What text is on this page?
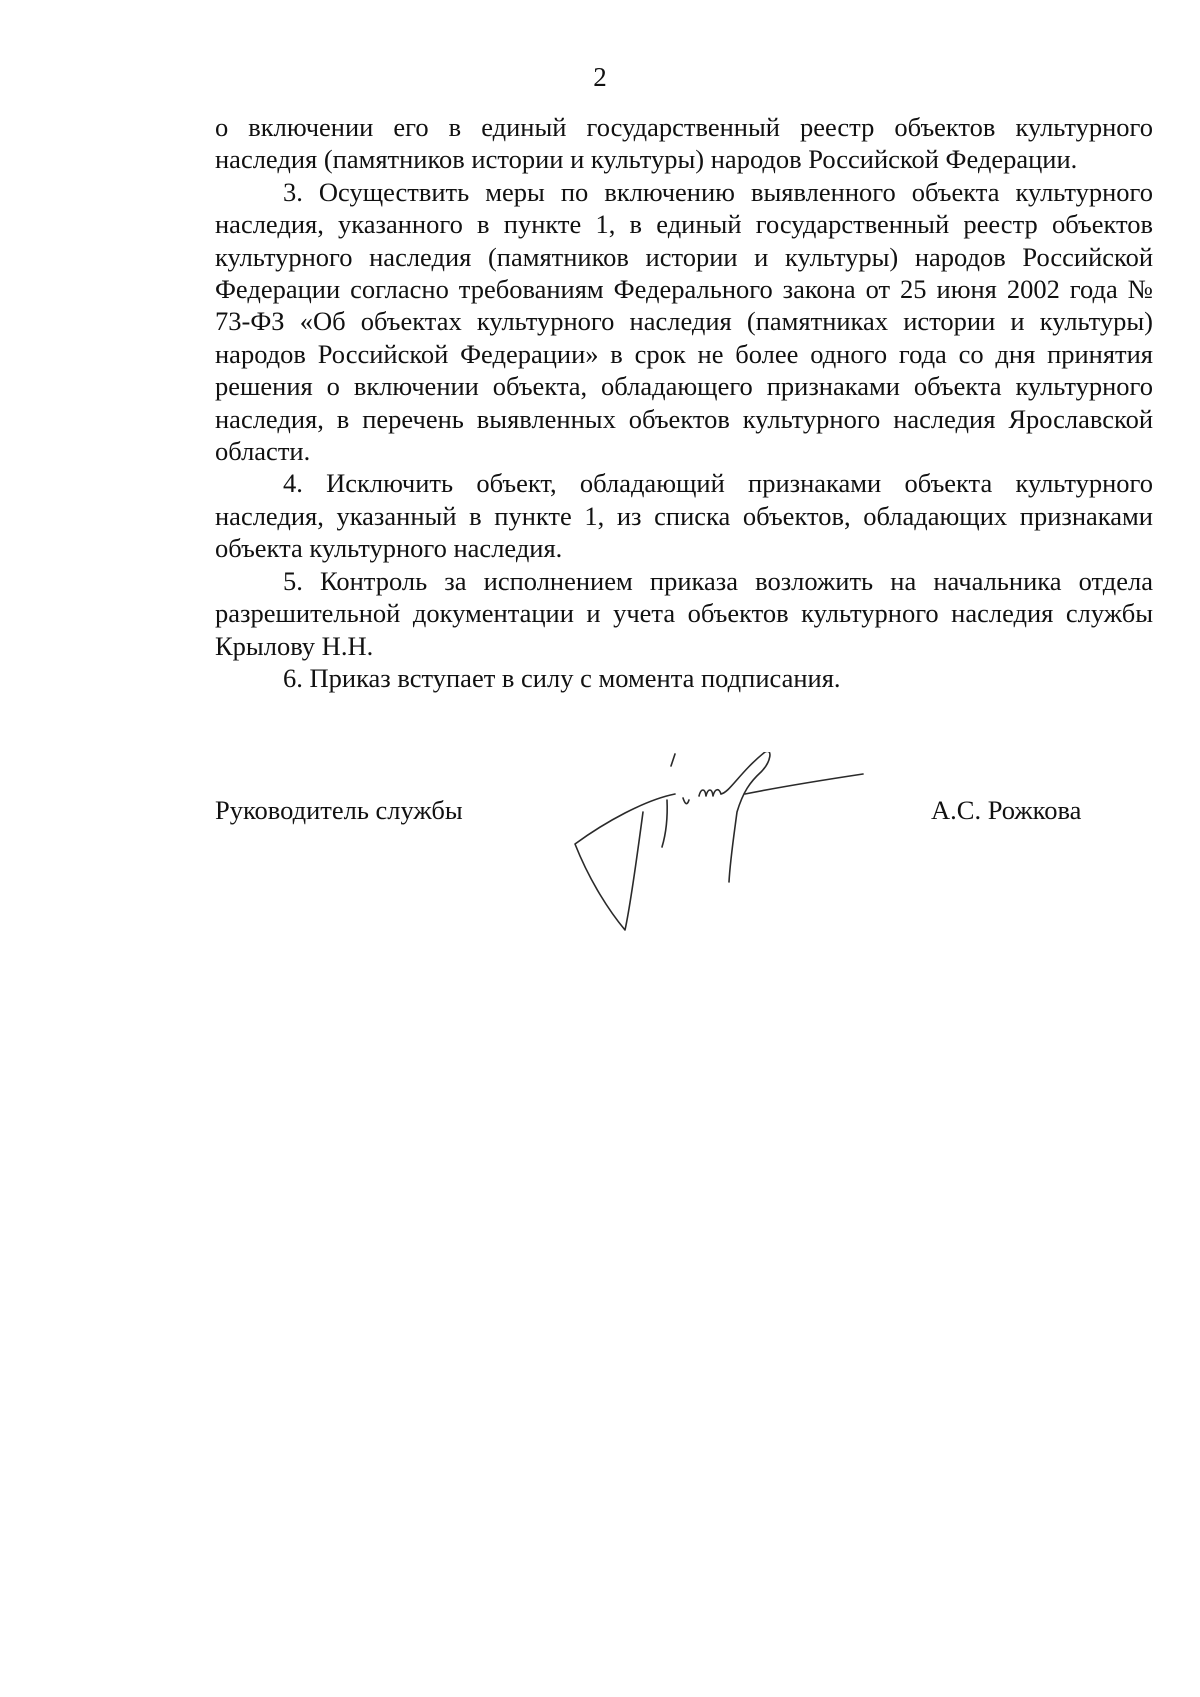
2

о включении его в единый государственный реестр объектов культурного наследия (памятников истории и культуры) народов Российской Федерации.

3. Осуществить меры по включению выявленного объекта культурного наследия, указанного в пункте 1, в единый государственный реестр объектов культурного наследия (памятников истории и культуры) народов Российской Федерации согласно требованиям Федерального закона от 25 июня 2002 года № 73-ФЗ «Об объектах культурного наследия (памятниках истории и культуры) народов Российской Федерации» в срок не более одного года со дня принятия решения о включении объекта, обладающего признаками объекта культурного наследия, в перечень выявленных объектов культурного наследия Ярославской области.

4. Исключить объект, обладающий признаками объекта культурного наследия, указанный в пункте 1, из списка объектов, обладающих признаками объекта культурного наследия.

5. Контроль за исполнением приказа возложить на начальника отдела разрешительной документации и учета объектов культурного наследия службы Крылову Н.Н.

6. Приказ вступает в силу с момента подписания.

Руководитель службы	А.С. Рожкова
